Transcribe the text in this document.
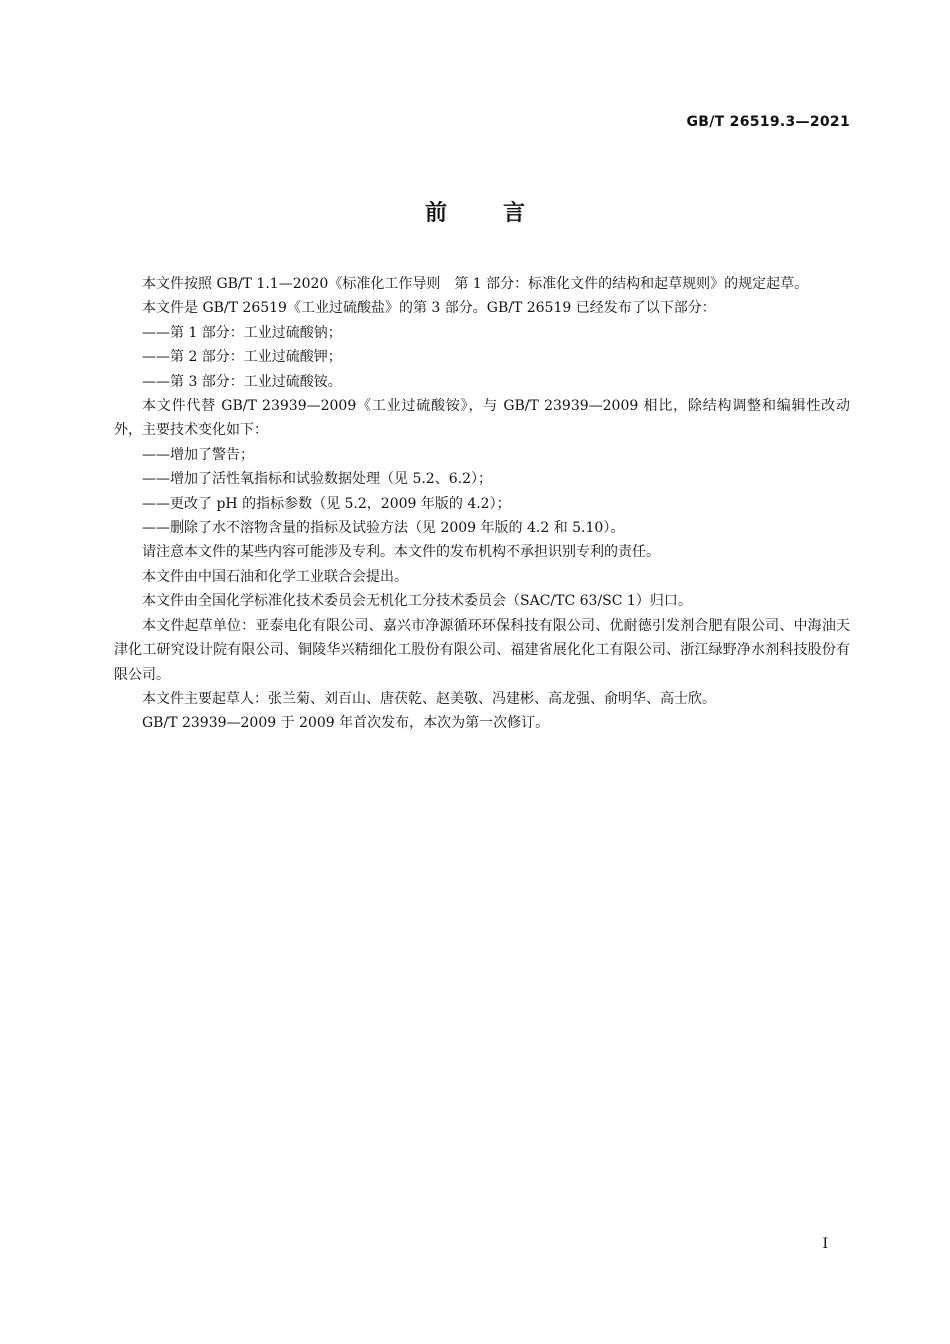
GB/T 26519.3—2021
前言

本文件按照 GB/T 1.1—2020《标准化工作导则　第 1 部分：标准化文件的结构和起草规则》的规定起草。

本文件是 GB/T 26519《工业过硫酸盐》的第 3 部分。GB/T 26519 已经发布了以下部分：

——第 1 部分：工业过硫酸钠；

——第 2 部分：工业过硫酸钾；

——第 3 部分：工业过硫酸铵。

本文件代替 GB/T 23939—2009《工业过硫酸铵》，与 GB/T 23939—2009 相比，除结构调整和编辑性改动外，主要技术变化如下：

——增加了警告；

——增加了活性氧指标和试验数据处理（见 5.2、6.2）；

——更改了 pH 的指标参数（见 5.2，2009 年版的 4.2）；

——删除了水不溶物含量的指标及试验方法（见 2009 年版的 4.2 和 5.10）。

请注意本文件的某些内容可能涉及专利。本文件的发布机构不承担识别专利的责任。

本文件由中国石油和化学工业联合会提出。

本文件由全国化学标准化技术委员会无机化工分技术委员会（SAC/TC 63/SC 1）归口。

本文件起草单位：亚泰电化有限公司、嘉兴市净源循环环保科技有限公司、优耐德引发剂合肥有限公司、中海油天津化工研究设计院有限公司、铜陵华兴精细化工股份有限公司、福建省展化化工有限公司、浙江绿野净水剂科技股份有限公司。

本文件主要起草人：张兰菊、刘百山、唐茯乾、赵美敬、冯建彬、高龙强、俞明华、高士欣。

GB/T 23939—2009 于 2009 年首次发布，本次为第一次修订。

I
